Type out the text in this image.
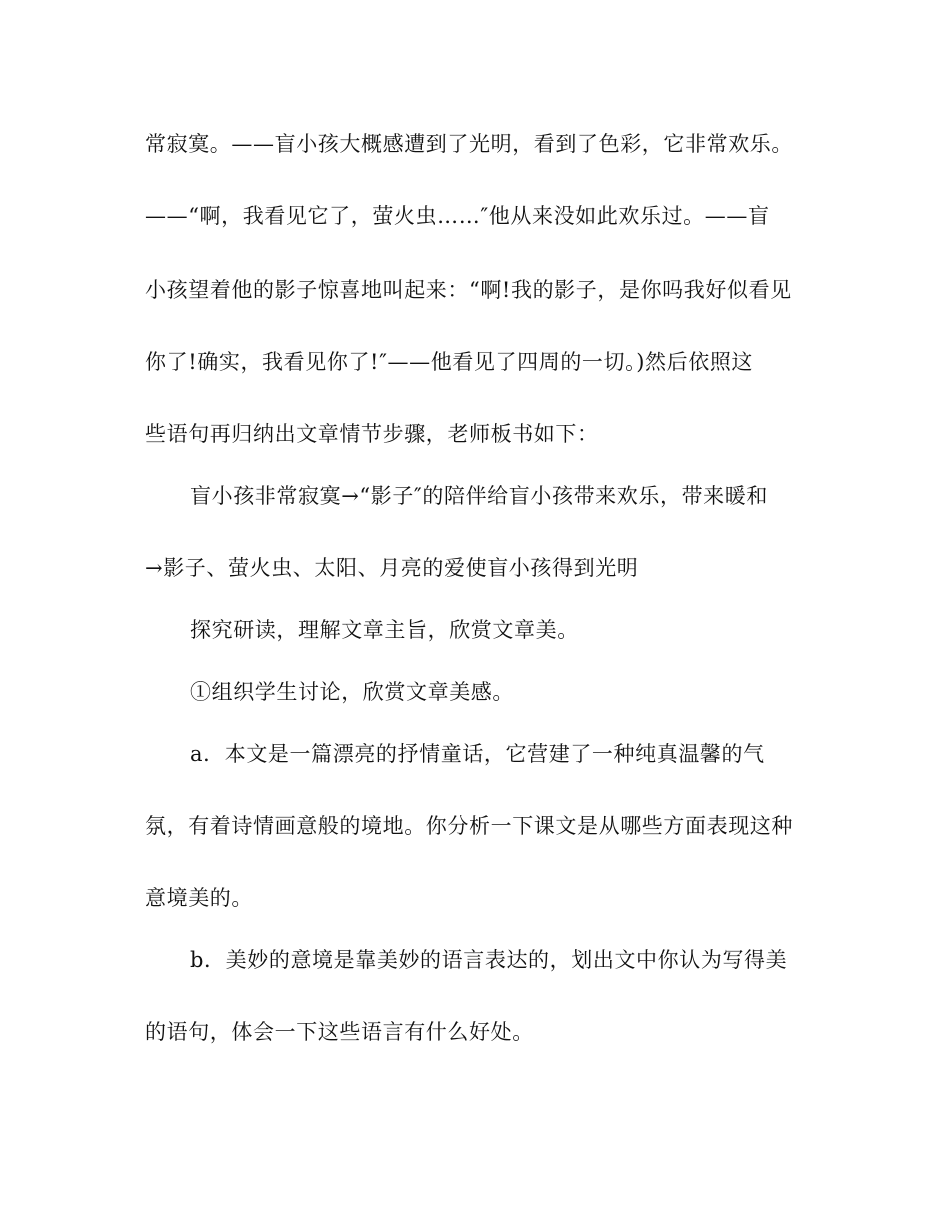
常寂寞。——盲小孩大概感遭到了光明，看到了色彩，它非常欢乐。
——“啊，我看见它了，萤火虫……″他从来没如此欢乐过。——盲
小孩望着他的影子惊喜地叫起来：“啊!我的影子，是你吗我好似看见
你了!确实，我看见你了!″——他看见了四周的一切。)然后依照这
些语句再归纳出文章情节步骤，老师板书如下：
盲小孩非常寂寞→“影子″的陪伴给盲小孩带来欢乐，带来暖和
→影子、萤火虫、太阳、月亮的爱使盲小孩得到光明
探究研读，理解文章主旨，欣赏文章美。
①组织学生讨论，欣赏文章美感。
a．本文是一篇漂亮的抒情童话，它营建了一种纯真温馨的气
氛，有着诗情画意般的境地。你分析一下课文是从哪些方面表现这种
意境美的。
b．美妙的意境是靠美妙的语言表达的，划出文中你认为写得美
的语句，体会一下这些语言有什么好处。
